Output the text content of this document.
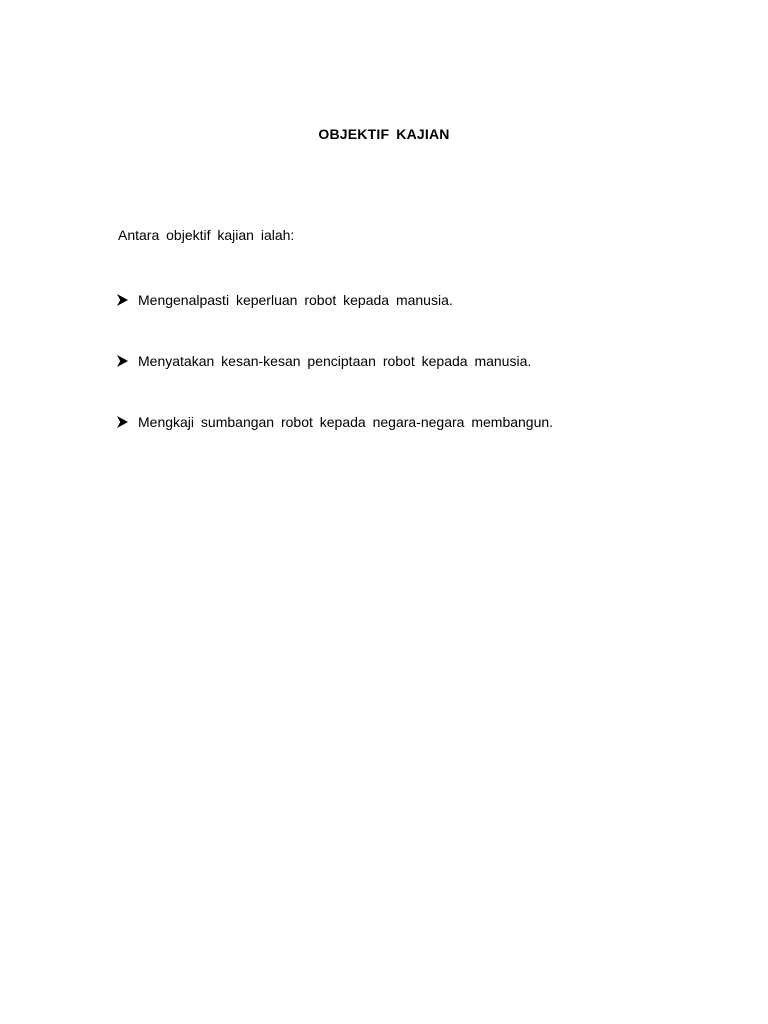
OBJEKTIF KAJIAN
Antara objektif kajian ialah:
Mengenalpasti keperluan robot kepada manusia.
Menyatakan kesan-kesan penciptaan robot kepada manusia.
Mengkaji sumbangan robot kepada negara-negara membangun.
